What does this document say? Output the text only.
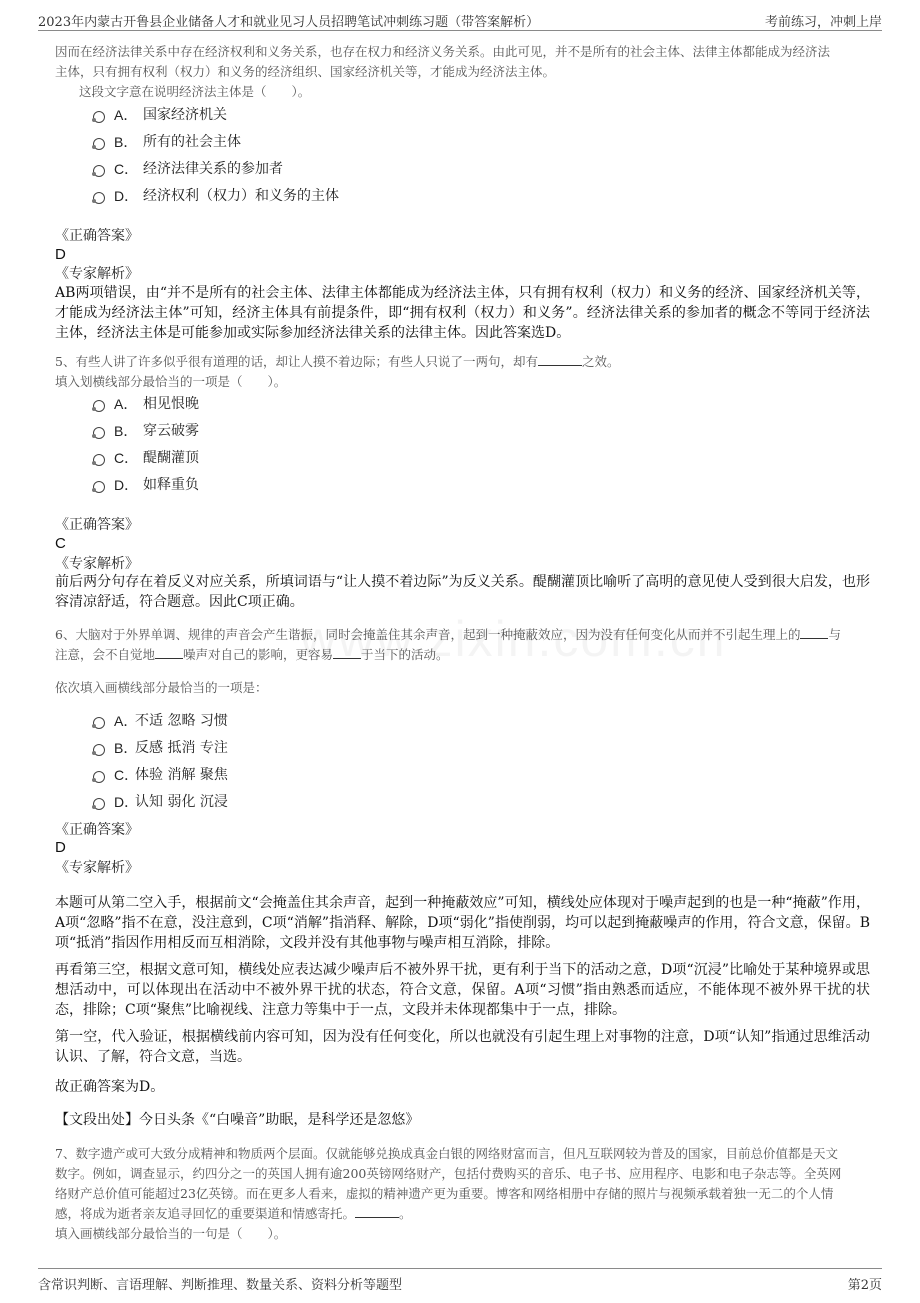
2023年内蒙古开鲁县企业储备人才和就业见习人员招聘笔试冲刺练习题（带答案解析）	考前练习，冲刺上岸

因而在经济法律关系中存在经济权利和义务关系，也存在权力和经济义务关系。由此可见，并不是所有的社会主体、法律主体都能成为经济法

主体，只有拥有权利（权力）和义务的经济组织、国家经济机关等，才能成为经济法主体。

这段文字意在说明经济法主体是（　　）。

A． 国家经济机关
B． 所有的社会主体
C． 经济法律关系的参加者
D． 经济权利（权力）和义务的主体

《正确答案》

D

《专家解析》

AB两项错误，由“并不是所有的社会主体、法律主体都能成为经济法主体，只有拥有权利（权力）和义务的经济、国家经济机关等，才能成为经济法主体”可知，经济主体具有前提条件，即“拥有权利（权力）和义务”。经济法律关系的参加者的概念不等同于经济法主体，经济法主体是可能参加或实际参加经济法律关系的法律主体。因此答案选D。

5、有些人讲了许多似乎很有道理的话，却让人摸不着边际；有些人只说了一两句，却有	之效。

填入划横线部分最恰当的一项是（　　）。

A． 相见恨晚
B． 穿云破雾
C． 醍醐灌顶
D． 如释重负

《正确答案》

C

《专家解析》

前后两分句存在着反义对应关系，所填词语与“让人摸不着边际”为反义关系。醍醐灌顶比喻听了高明的意见使人受到很大启发，也形容清凉舒适，符合题意。因此C项正确。

6、大脑对于外界单调、规律的声音会产生谐振，同时会掩盖住其余声音，起到一种掩蔽效应，因为没有任何变化从而并不引起生理上的 与

注意，会不自觉地 噪声对自己的影响，更容易 于当下的活动。

依次填入画横线部分最恰当的一项是：

A．
不适 忽略 习惯
B．
反感 抵消 专注
C．
体验 消解 聚焦
D．
认知 弱化 沉浸

《正确答案》

D

《专家解析》

本题可从第二空入手，根据前文“会掩盖住其余声音，起到一种掩蔽效应”可知，横线处应体现对于噪声起到的也是一种“掩蔽”作用，A项“忽略”指不在意，没注意到，C项“消解”指消释、解除，D项“弱化”指使削弱，均可以起到掩蔽噪声的作用，符合文意，保留。B项“抵消”指因作用相反而互相消除，文段并没有其他事物与噪声相互消除，排除。

再看第三空，根据文意可知，横线处应表达减少噪声后不被外界干扰，更有利于当下的活动之意，D项“沉浸”比喻处于某种境界或思想活动中，可以体现出在活动中不被外界干扰的状态，符合文意，保留。A项“习惯”指由熟悉而适应，不能体现不被外界干扰的状态，排除；C项“聚焦”比喻视线、注意力等集中于一点，文段并未体现都集中于一点，排除。

第一空，代入验证，根据横线前内容可知，因为没有任何变化，所以也就没有引起生理上对事物的注意，D项“认知”指通过思维活动认识、了解，符合文意，当选。

故正确答案为D。

【文段出处】今日头条《“白噪音”助眠，是科学还是忽悠》

7、数字遗产或可大致分成精神和物质两个层面。仅就能够兑换成真金白银的网络财富而言，但凡互联网较为普及的国家，目前总价值都是天文

数字。例如，调查显示，约四分之一的英国人拥有逾200英镑网络财产，包括付费购买的音乐、电子书、应用程序、电影和电子杂志等。全英网

络财产总价值可能超过23亿英镑。而在更多人看来，虚拟的精神遗产更为重要。博客和网络相册中存储的照片与视频承载着独一无二的个人情

感，将成为逝者亲友追寻回忆的重要渠道和情感寄托。	。

填入画横线部分最恰当的一句是（　　）。

含常识判断、言语理解、判断推理、数量关系、资料分析等题型	第2页
